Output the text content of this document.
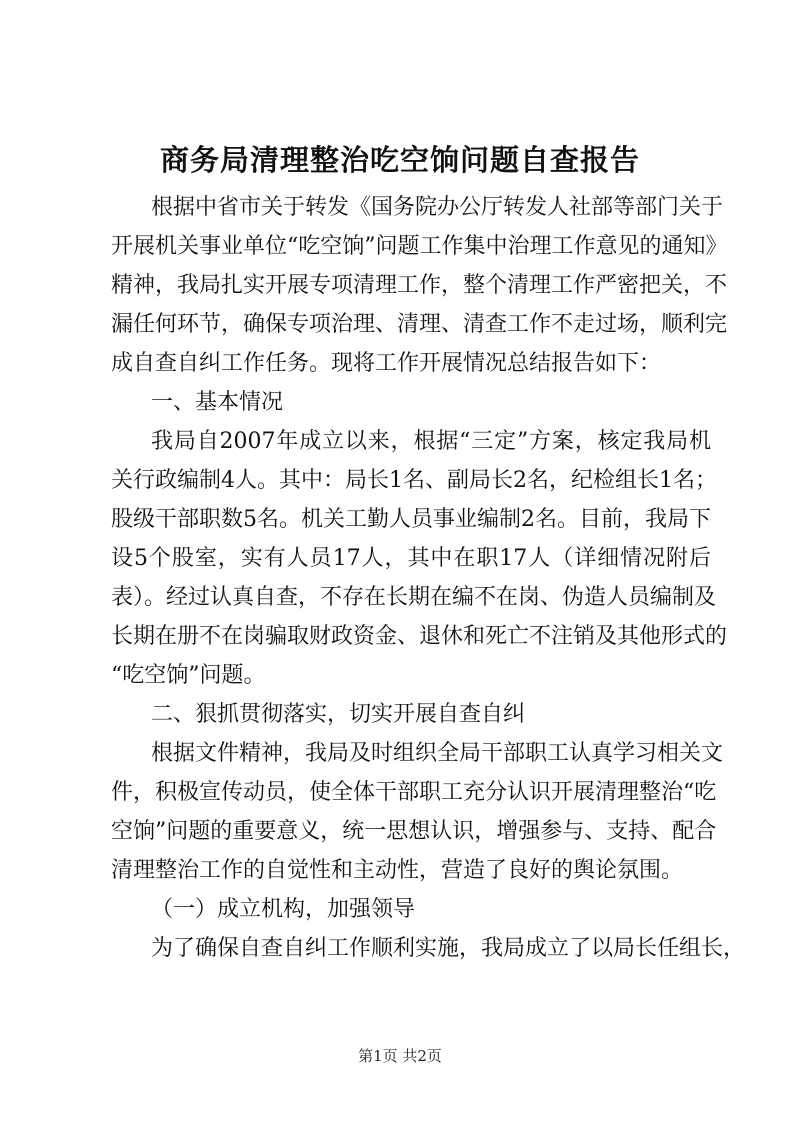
商务局清理整治吃空饷问题自查报告
根据中省市关于转发《国务院办公厅转发人社部等部门关于
开展机关事业单位“吃空饷”问题工作集中治理工作意见的通知》
精神，我局扎实开展专项清理工作，整个清理工作严密把关，不
漏任何环节，确保专项治理、清理、清查工作不走过场，顺利完
成自查自纠工作任务。现将工作开展情况总结报告如下：
一、基本情况
我局自2007年成立以来，根据“三定”方案，核定我局机
关行政编制4人。其中：局长1名、副局长2名，纪检组长1名；
股级干部职数5名。机关工勤人员事业编制2名。目前，我局下
设5个股室，实有人员17人，其中在职17人（详细情况附后
表）。经过认真自查，不存在长期在编不在岗、伪造人员编制及
长期在册不在岗骗取财政资金、退休和死亡不注销及其他形式的
“吃空饷”问题。
二、狠抓贯彻落实，切实开展自查自纠
根据文件精神，我局及时组织全局干部职工认真学习相关文
件，积极宣传动员，使全体干部职工充分认识开展清理整治“吃
空饷”问题的重要意义，统一思想认识，增强参与、支持、配合
清理整治工作的自觉性和主动性，营造了良好的舆论氛围。
（一）成立机构，加强领导
为了确保自查自纠工作顺利实施，我局成立了以局长任组长，
第1页 共2页
